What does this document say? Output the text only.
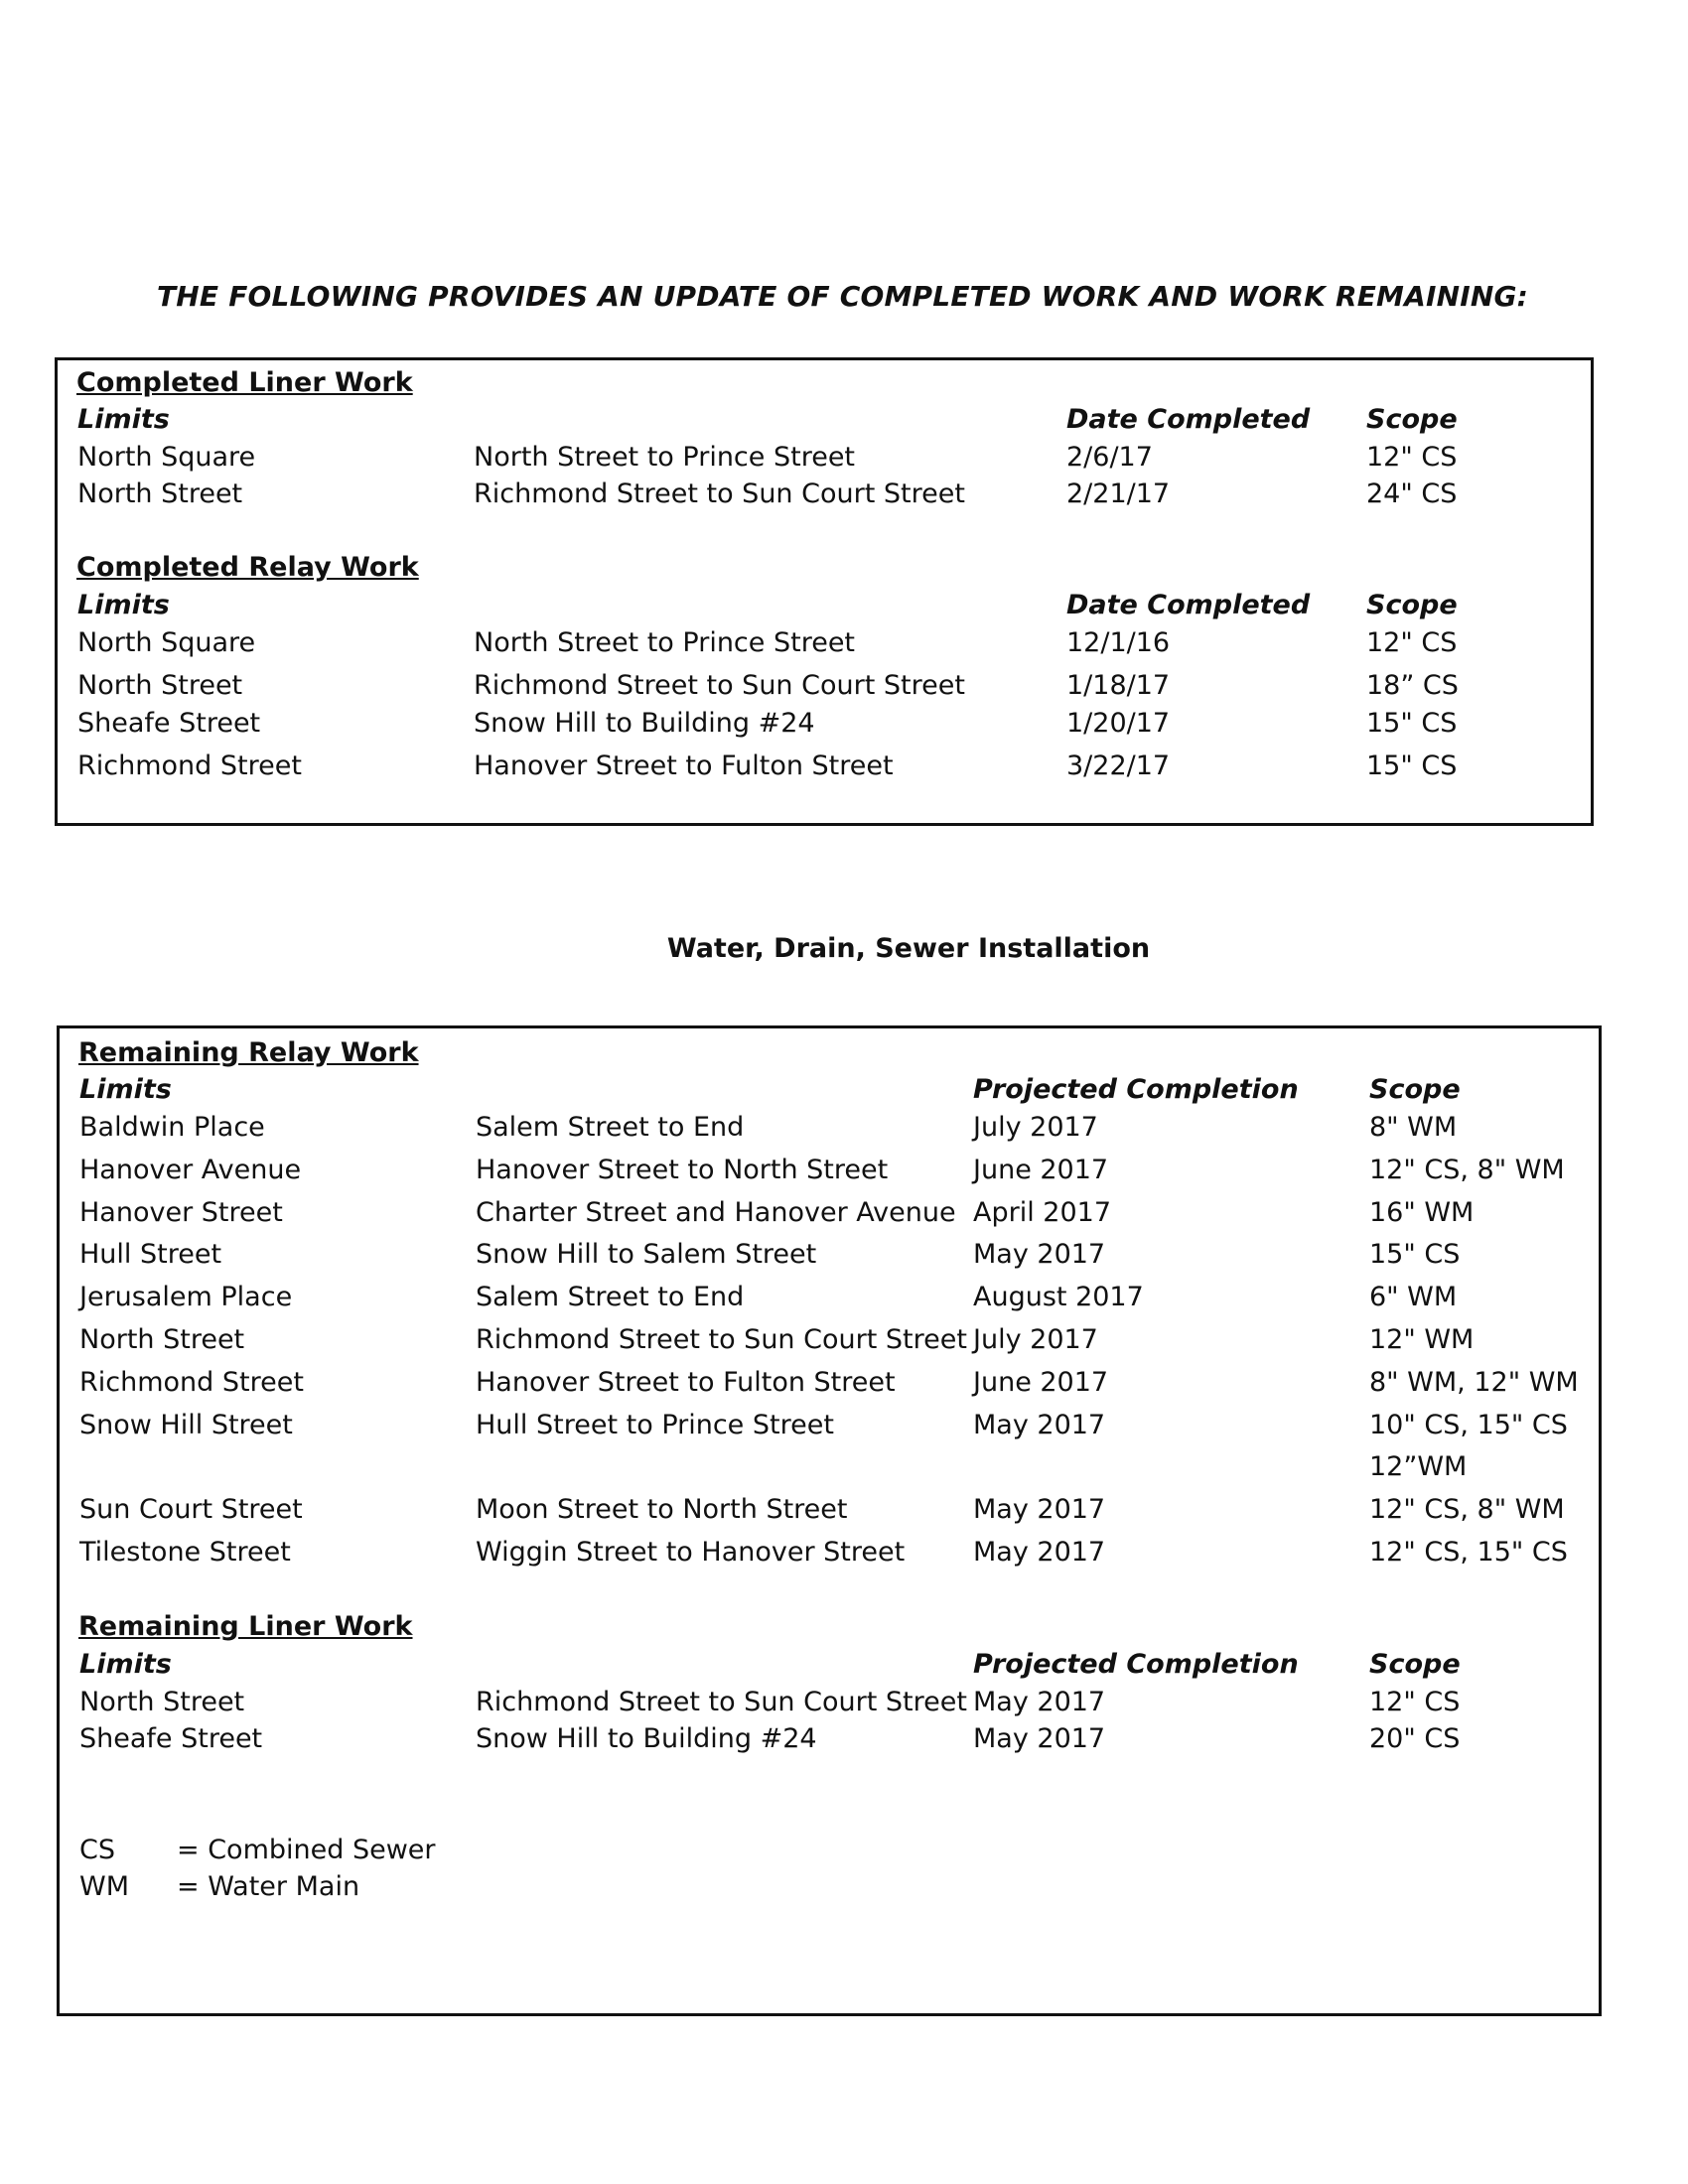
THE FOLLOWING PROVIDES AN UPDATE OF COMPLETED WORK AND WORK REMAINING:
Water, Drain, Sewer Installation
Completed Liner Work
Limits	Date Completed Scope
North Square	North Street to Prince Street	2/6/17	12" CS
North Street	Richmond Street to Sun Court Street	2/21/17	24" CS
Completed Relay Work
Limits	Date Completed Scope
North Square	North Street to Prince Street	12/1/16	12" CS
North Street	Richmond Street to Sun Court Street	1/18/17	18” CS
Sheafe Street	Snow Hill to Building #24	1/20/17	15" CS
Richmond Street	Hanover Street to Fulton Street	3/22/17	15" CS
Remaining Relay Work
Limits	Projected Completion	Scope
Baldwin Place	Salem Street to End	July 2017	8" WM
Hanover Avenue	Hanover Street to North Street	June 2017	12" CS, 8" WM
Hanover Street	Charter Street and Hanover Avenue April 2017	16" WM
Hull Street	Snow Hill to Salem Street	May 2017	15" CS
Jerusalem Place	Salem Street to End	August 2017	6" WM
North Street	Richmond Street to Sun Court Street July 2017	12" WM
Richmond Street	Hanover Street to Fulton Street	June 2017	8" WM, 12" WM
Snow Hill Street	Hull Street to Prince Street	May 2017	10" CS, 15" CS
12”WM
Sun Court Street	Moon Street to North Street	May 2017	12" CS, 8" WM
Tilestone Street	Wiggin Street to Hanover Street	May 2017	12" CS, 15" CS
Remaining Liner Work
Limits	Projected Completion	Scope
North Street	Richmond Street to Sun Court Street May 2017	12" CS
Sheafe Street	Snow Hill to Building #24	May 2017	20" CS
CS = Combined Sewer
WM = Water Main
